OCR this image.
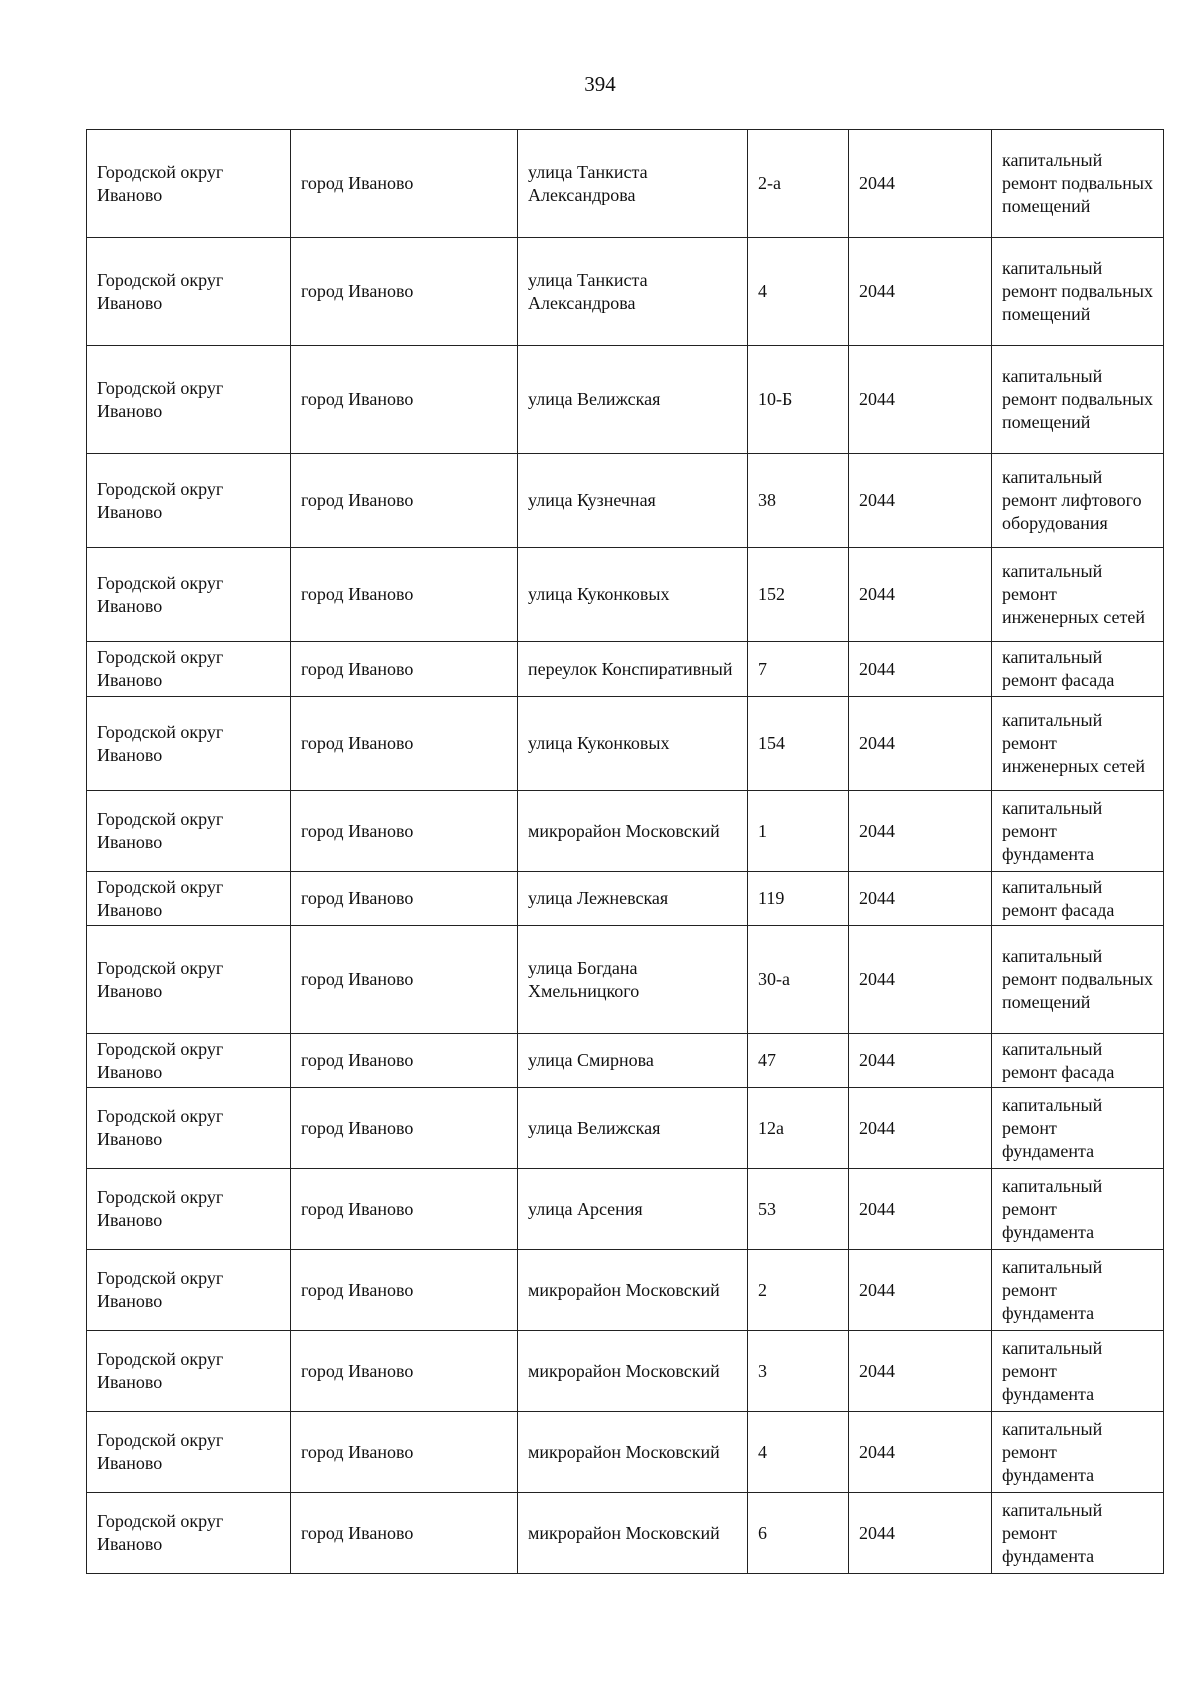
394
Городской округ Иваново	город Иваново	улица Танкиста Александрова	2-а	2044	капитальный ремонт подвальных помещений
Городской округ Иваново	город Иваново	улица Танкиста Александрова	4	2044	капитальный ремонт подвальных помещений
Городской округ Иваново	город Иваново	улица Велижская	10-Б	2044	капитальный ремонт подвальных помещений
Городской округ Иваново	город Иваново	улица Кузнечная	38	2044	капитальный ремонт лифтового оборудования
Городской округ Иваново	город Иваново	улица Куконковых	152	2044	капитальный ремонт инженерных сетей
Городской округ Иваново	город Иваново	переулок Конспиративный	7	2044	капитальный ремонт фасада
Городской округ Иваново	город Иваново	улица Куконковых	154	2044	капитальный ремонт инженерных сетей
Городской округ Иваново	город Иваново	микрорайон Московский	1	2044	капитальный ремонт фундамента
Городской округ Иваново	город Иваново	улица Лежневская	119	2044	капитальный ремонт фасада
Городской округ Иваново	город Иваново	улица Богдана Хмельницкого	30-а	2044	капитальный ремонт подвальных помещений
Городской округ Иваново	город Иваново	улица Смирнова	47	2044	капитальный ремонт фасада
Городской округ Иваново	город Иваново	улица Велижская	12а	2044	капитальный ремонт фундамента
Городской округ Иваново	город Иваново	улица Арсения	53	2044	капитальный ремонт фундамента
Городской округ Иваново	город Иваново	микрорайон Московский	2	2044	капитальный ремонт фундамента
Городской округ Иваново	город Иваново	микрорайон Московский	3	2044	капитальный ремонт фундамента
Городской округ Иваново	город Иваново	микрорайон Московский	4	2044	капитальный ремонт фундамента
Городской округ Иваново	город Иваново	микрорайон Московский	6	2044	капитальный ремонт фундамента
